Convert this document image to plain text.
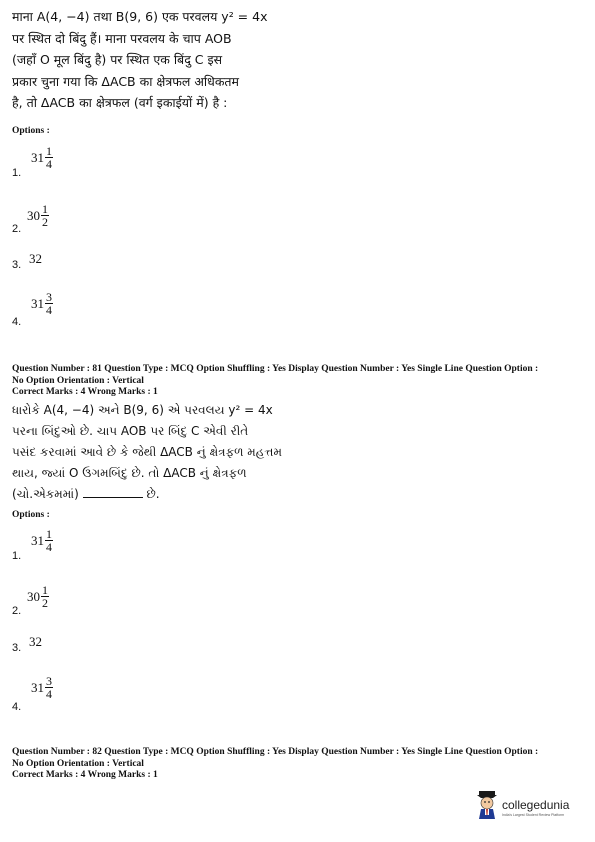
माना A(4, −4) तथा B(9, 6) एक परवलय y² = 4x
पर स्थित दो बिंदु हैं। माना परवलय के चाप AOB
(जहाँ O मूल बिंदु है) पर स्थित एक बिंदु C इस
प्रकार चुना गया कि ΔACB का क्षेत्रफल अधिकतम
है, तो ΔACB का क्षेत्रफल (वर्ग इकाईयों में) है :
Options :
$31 \frac{1}{4}$
1.
$30 \frac{1}{2}$
2.
32
3.
$31 \frac{3}{4}$
4.
Question Number : 81 Question Type : MCQ Option Shuffling : Yes Display Question Number : Yes Single Line Question Option :
No Option Orientation : Vertical
Correct Marks : 4 Wrong Marks : 1
ધારોકે A(4, −4) અને B(9, 6) એ પરવલય y² = 4x
પરના બિંદુઓ છે. ચાપ AOB પર બિંદુ C એવી રીતે
પસંદ કરવામાં આવે છે કે જેથી ΔACB નું ક્ષેત્રફળ મહત્તમ
થાય, જ્યાં O ઉગમબિંદુ છે. તો ΔACB નું ક્ષેત્રફળ
(ચો.એકમમાં)	છે.
Options :
$31 \frac{1}{4}$
1.
$30 \frac{1}{2}$
2.
32
3.
$31 \frac{3}{4}$
4.
Question Number : 82 Question Type : MCQ Option Shuffling : Yes Display Question Number : Yes Single Line Question Option :
No Option Orientation : Vertical
Correct Marks : 4 Wrong Marks : 1
collegedunia
India's Largest Student Review Platform
